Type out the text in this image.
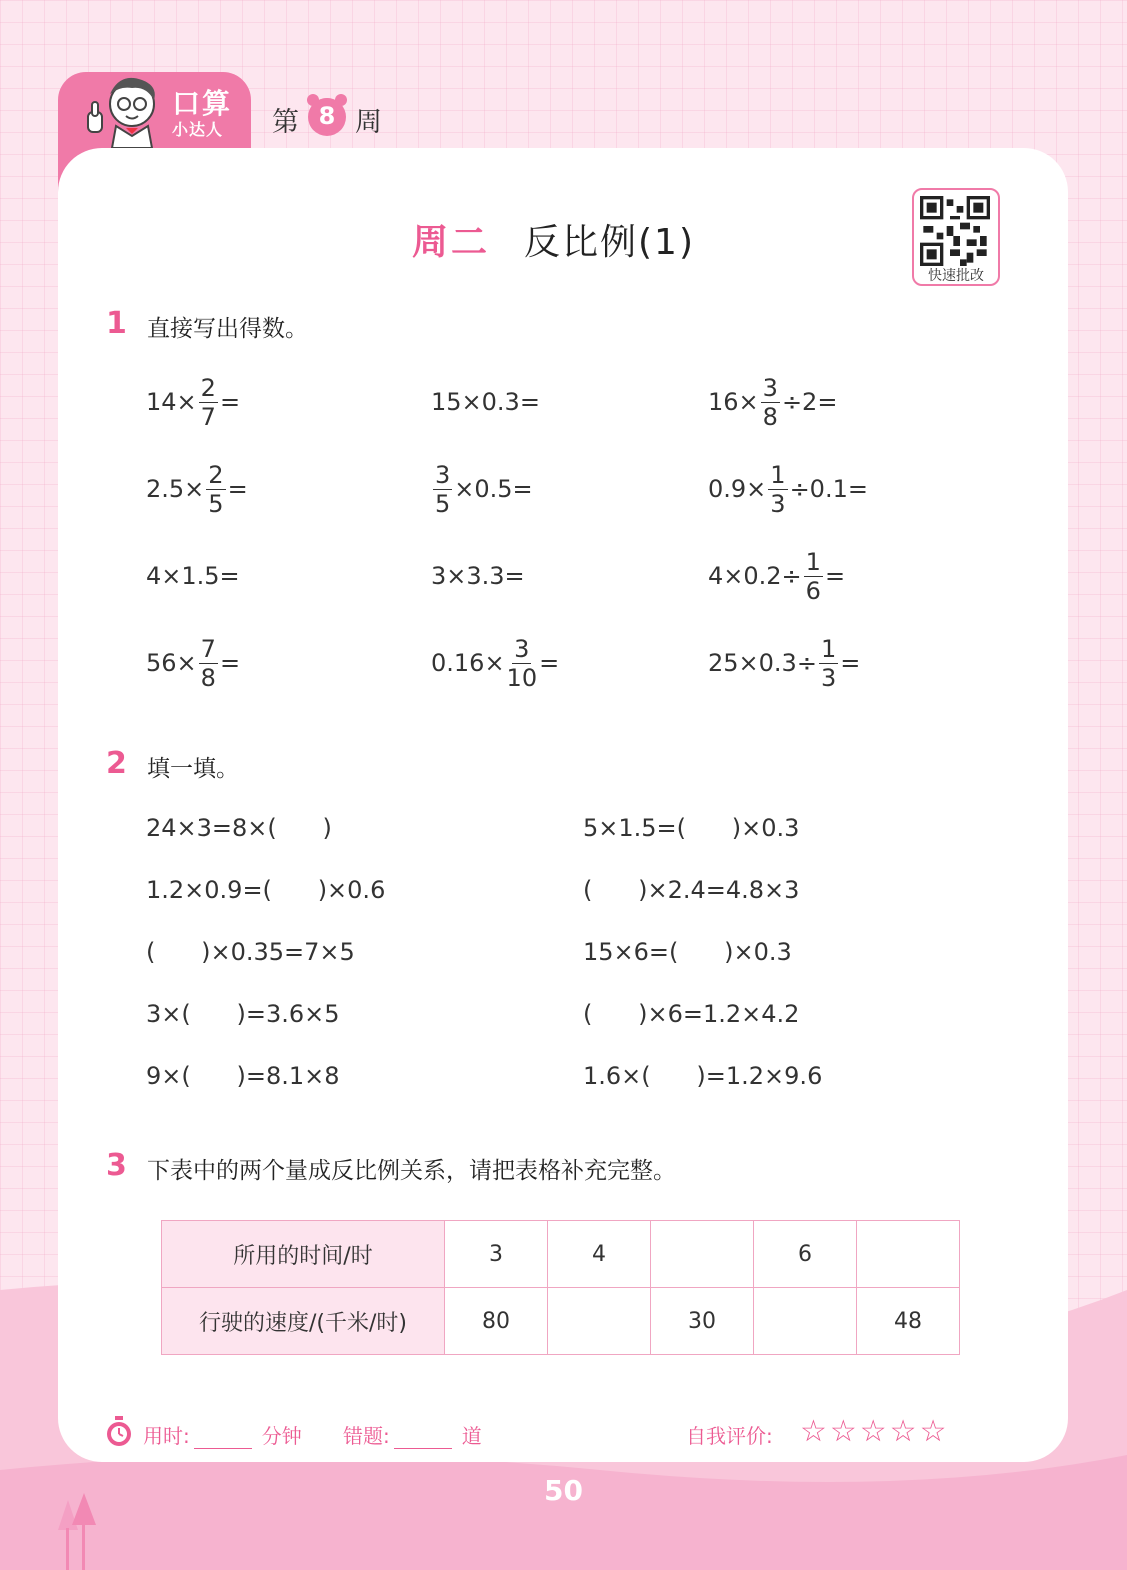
口算
小达人 第 8 周
周二 反比例(1)
快速批改
1 直接写出得数。
$14\times \frac{2}{7}$ =	15×0.3=	$16\times \frac{3}{8} \div 2=$
$2.5\times \frac{2}{5}$ =	$\frac{3}{5} \times 0.5=$	$0.9\times \frac{1}{3} \div 0.1=$
4×1.5=	3×3.3=	$4\times 0.2\div \frac{1}{6}$ =
$56\times \frac{7}{8}$ =	$0.16\times \frac{3}{10}$ =	$25\times 0.3\div \frac{1}{3}$ =
2 填一填。
24×3=8×(      )
1.2×0.9=(      )×0.6
(      )×0.35=7×5
3×(      )=3.6×5
9×(      )=8.1×8
5×1.5=(      )×0.3
(      )×2.4=4.8×3
15×6=(      )×0.3
(      )×6=1.2×4.2
1.6×(      )=1.2×9.6
3 下表中的两个量成反比例关系，请把表格补充完整。
所用的时间/时	3	4		6	
行驶的速度/(千米/时)	80		30		48
用时:	分钟 错题:	道	自我评价: ☆☆☆☆☆
50
